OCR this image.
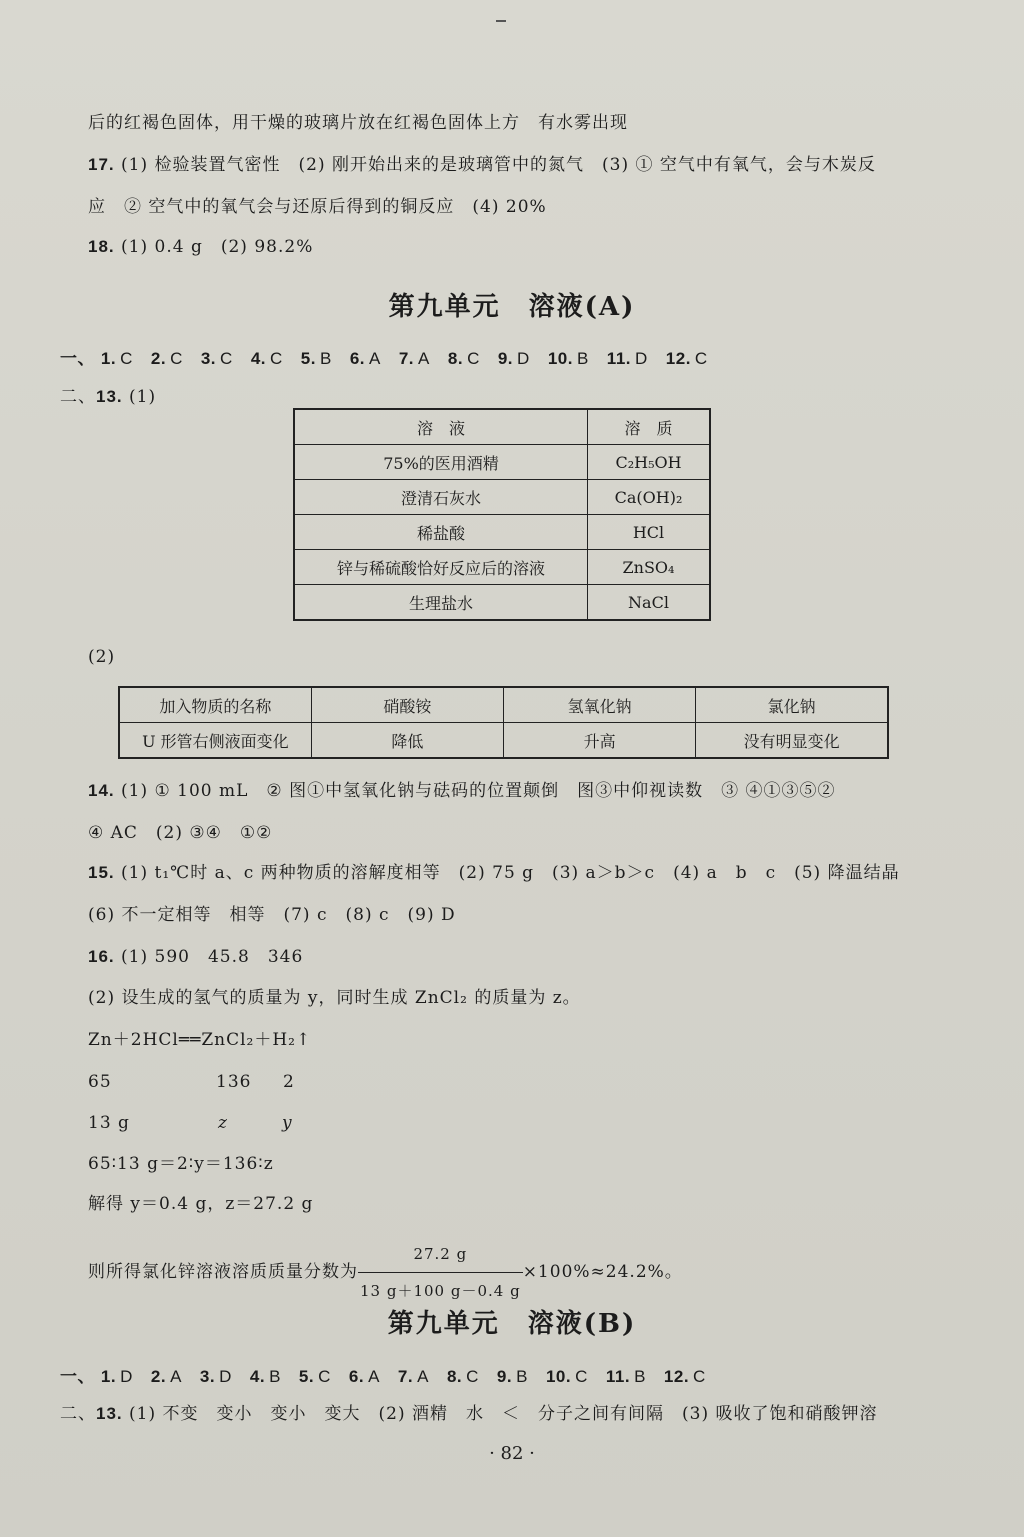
后的红褐色固体，用干燥的玻璃片放在红褐色固体上方　有水雾出现
17. (1) 检验装置气密性　(2) 刚开始出来的是玻璃管中的氮气　(3) ① 空气中有氧气，会与木炭反
应　② 空气中的氧气会与还原后得到的铜反应　(4) 20%
18. (1) 0.4 g　(2) 98.2%
第九单元　溶液(A)
一、 1. C 2. C 3. C 4. C 5. B 6. A 7. A 8. C 9. D 10. B 11. D 12. C
二、13. (1)
溶　液	溶　质
75%的医用酒精	C₂H₅OH
澄清石灰水	Ca(OH)₂
稀盐酸	HCl
锌与稀硫酸恰好反应后的溶液	ZnSO₄
生理盐水	NaCl
(2)
加入物质的名称	硝酸铵	氢氧化钠	氯化钠
U 形管右侧液面变化	降低	升高	没有明显变化
14. (1) ① 100 mL　② 图①中氢氧化钠与砝码的位置颠倒　图③中仰视读数　③ ④①③⑤②
④ AC　(2) ③④　①②
15. (1) t₁℃时 a、c 两种物质的溶解度相等　(2) 75 g　(3) a＞b＞c　(4) a　b　c　(5) 降温结晶
(6) 不一定相等　相等　(7) c　(8) c　(9) D
16. (1) 590　45.8　346
(2) 设生成的氢气的质量为 y，同时生成 ZnCl₂ 的质量为 z。
Zn＋2HCl══ZnCl₂＋H₂↑
65	136 2
13 g	z	y
65∶13 g＝2∶y＝136∶z
解得 y＝0.4 g，z＝27.2 g
则所得氯化锌溶液溶质质量分数为 $\frac{27.2 g}{13 g+100 g-0.4 g} \times 100\%\approx 24.2\%$。
第九单元　溶液(B)
一、 1. D 2. A 3. D 4. B 5. C 6. A 7. A 8. C 9. B 10. C 11. B 12. C
二、13. (1) 不变　变小　变小　变大　(2) 酒精　水　＜　分子之间有间隔　(3) 吸收了饱和硝酸钾溶
· 82 ·
